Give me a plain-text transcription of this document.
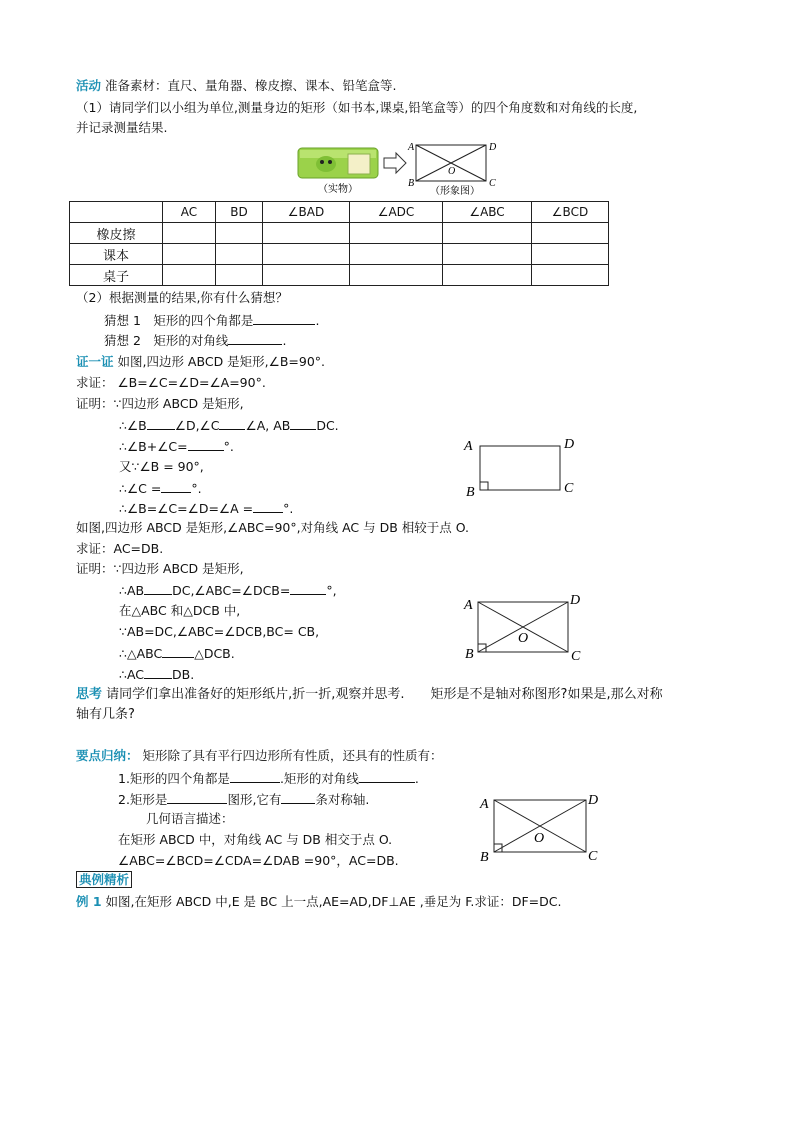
活动 准备素材：直尺、量角器、橡皮擦、课本、铅笔盒等.
（1）请同学们以小组为单位,测量身边的矩形（如书本,课桌,铅笔盒等）的四个角度数和对角线的长度,
并记录测量结果.
（实物）
A	D
B	C
O
（形象图）
	AC	BD	∠BAD	∠ADC	∠ABC	∠BCD
橡皮擦						
课本						
桌子						
（2）根据测量的结果,你有什么猜想？
猜想 1　矩形的四个角都是	.
猜想 2　矩形的对角线	.
证一证 如图,四边形 ABCD 是矩形,∠B=90°.
求证： ∠B=∠C=∠D=∠A=90°.
证明：∵四边形 ABCD 是矩形,
∴∠B ∠D,∠C ∠A, AB DC.
∴∠B+∠C=	°.
又∵∠B = 90°,
∴∠C = °.
∴∠B=∠C=∠D=∠A = °.
A	D
B	C
如图,四边形 ABCD 是矩形,∠ABC=90°,对角线 AC 与 DB 相较于点 O.
求证：AC=DB.
证明：∵四边形 ABCD 是矩形,
∴AB DC,∠ABC=∠DCB=	°,
在△ABC 和△DCB 中,
∵AB=DC,∠ABC=∠DCB,BC= CB,
∴△ABC	△DCB.
∴AC DB.
A	D
B	C
O
思考 请同学们拿出准备好的矩形纸片,折一折,观察并思考.　　矩形是不是轴对称图形?如果是,那么对称
轴有几条?
要点归纳： 矩形除了具有平行四边形所有性质，还具有的性质有：
1.矩形的四个角都是	.矩形的对角线	.
2.矩形是	图形,它有	条对称轴.
几何语言描述：
在矩形 ABCD 中，对角线 AC 与 DB 相交于点 O.
∠ABC=∠BCD=∠CDA=∠DAB =90°，AC=DB.
A	D
B	C
O
典例精析
例 1 如图,在矩形 ABCD 中,E 是 BC 上一点,AE=AD,DF⊥AE ,垂足为 F.求证：DF=DC.
